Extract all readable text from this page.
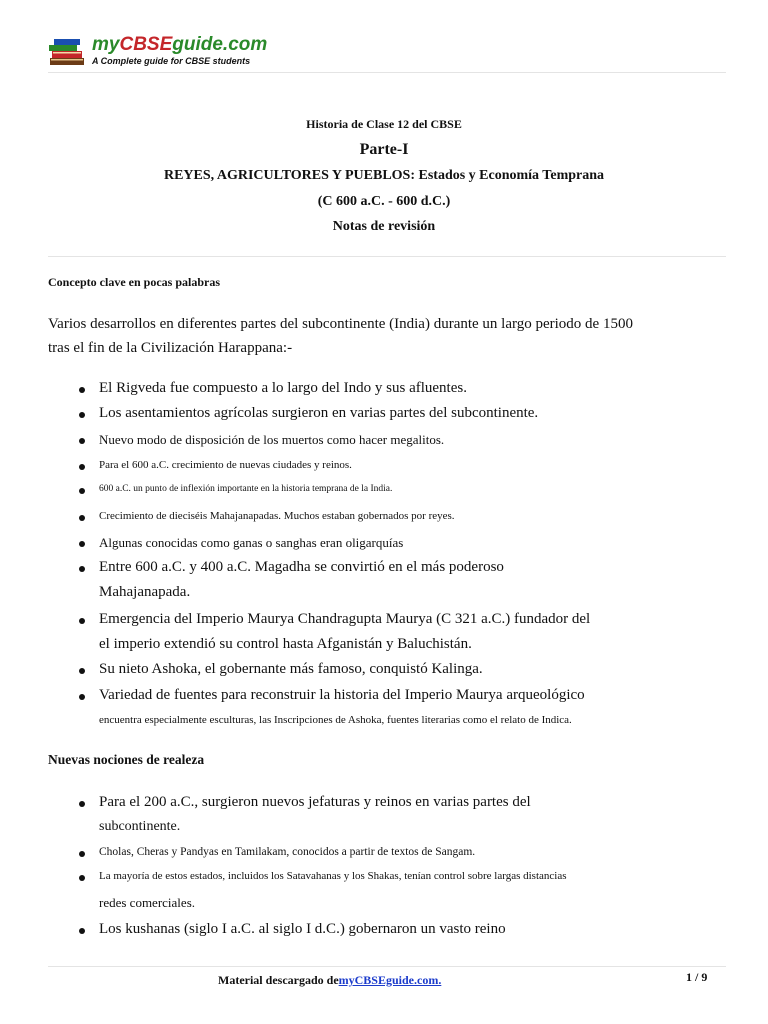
myCBSEguide.com
A Complete guide for CBSE students
Historia de Clase 12 del CBSE
Parte-I
REYES, AGRICULTORES Y PUEBLOS: Estados y Economía Temprana
(C 600 a.C. - 600 d.C.)
Notas de revisión
Concepto clave en pocas palabras
Varios desarrollos en diferentes partes del subcontinente (India) durante un largo periodo de 1500
tras el fin de la Civilización Harappana:-
El Rigveda fue compuesto a lo largo del Indo y sus afluentes.
Los asentamientos agrícolas surgieron en varias partes del subcontinente.
Nuevo modo de disposición de los muertos como hacer megalitos.
Para el 600 a.C. crecimiento de nuevas ciudades y reinos.
600 a.C. un punto de inflexión importante en la historia temprana de la India.
Crecimiento de dieciséis Mahajanapadas. Muchos estaban gobernados por reyes.
Algunas conocidas como ganas o sanghas eran oligarquías
Entre 600 a.C. y 400 a.C. Magadha se convirtió en el más poderoso
Mahajanapada.
Emergencia del Imperio Maurya Chandragupta Maurya (C 321 a.C.) fundador del
el imperio extendió su control hasta Afganistán y Baluchistán.
Su nieto Ashoka, el gobernante más famoso, conquistó Kalinga.
Variedad de fuentes para reconstruir la historia del Imperio Maurya arqueológico
encuentra especialmente esculturas, las Inscripciones de Ashoka, fuentes literarias como el relato de Indica.
Nuevas nociones de realeza
Para el 200 a.C., surgieron nuevos jefaturas y reinos en varias partes del
subcontinente.
Cholas, Cheras y Pandyas en Tamilakam, conocidos a partir de textos de Sangam.
La mayoría de estos estados, incluidos los Satavahanas y los Shakas, tenían control sobre largas distancias
redes comerciales.
Los kushanas (siglo I a.C. al siglo I d.C.) gobernaron un vasto reino
Material descargado demyCBSEguide.com.	1 / 9
